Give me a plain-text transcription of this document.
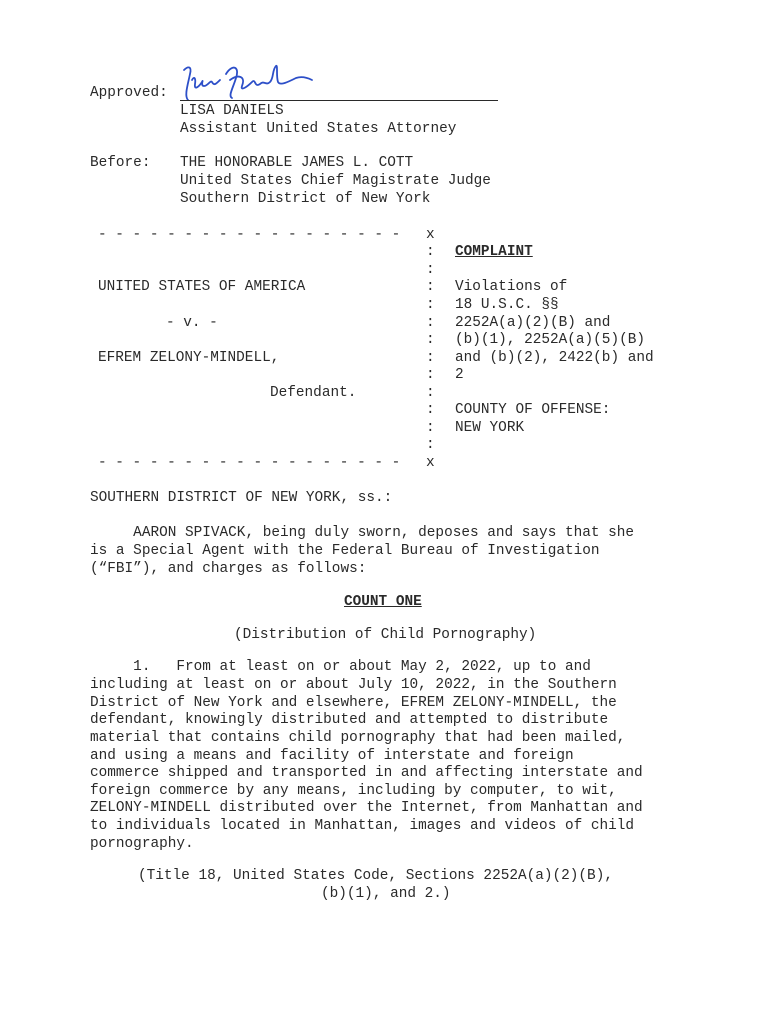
Approved:
LISA DANIELS
Assistant United States Attorney
Before: THE HONORABLE JAMES L. COTT
United States Chief Magistrate Judge
Southern District of New York
- - - - - - - - - - - - - - - - - - x
:
:
:
:
:
:
:
:
:
:
:
:
UNITED STATES OF AMERICA
- v. -
EFREM ZELONY-MINDELL,
Defendant.
COMPLAINT
Violations of
18 U.S.C. §§
2252A(a)(2)(B) and
(b)(1), 2252A(a)(5)(B)
and (b)(2), 2422(b) and
2
COUNTY OF OFFENSE:
NEW YORK
- - - - - - - - - - - - - - - - - - x
SOUTHERN DISTRICT OF NEW YORK, ss.:
AARON SPIVACK, being duly sworn, deposes and says that she
is a Special Agent with the Federal Bureau of Investigation
(“FBI”), and charges as follows:
COUNT ONE
(Distribution of Child Pornography)
1.   From at least on or about May 2, 2022, up to and
including at least on or about July 10, 2022, in the Southern
District of New York and elsewhere, EFREM ZELONY-MINDELL, the
defendant, knowingly distributed and attempted to distribute
material that contains child pornography that had been mailed,
and using a means and facility of interstate and foreign
commerce shipped and transported in and affecting interstate and
foreign commerce by any means, including by computer, to wit,
ZELONY-MINDELL distributed over the Internet, from Manhattan and
to individuals located in Manhattan, images and videos of child
pornography.
(Title 18, United States Code, Sections 2252A(a)(2)(B),
(b)(1), and 2.)
